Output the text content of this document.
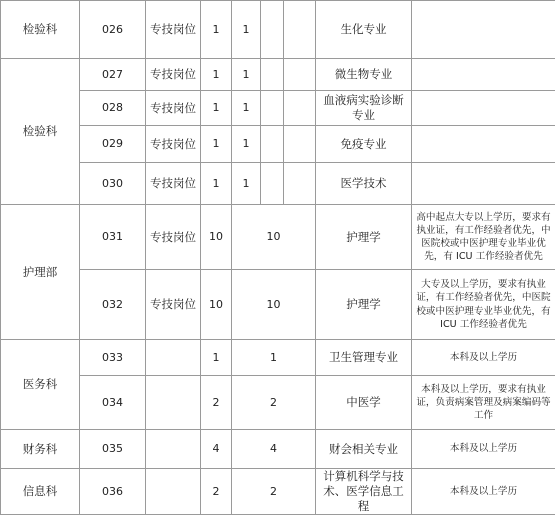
检验科	026	专技岗位	1	1			生化专业	
检验科	027	专技岗位	1	1			微生物专业	
	028	专技岗位	1	1			血液病实验诊断专业	
	029	专技岗位	1	1			免疫专业	
	030	专技岗位	1	1			医学技术	
护理部	031	专技岗位	10	10			护理学	高中起点大专以上学历，要求有执业证，有工作经验者优先，中医院校或中医护理专业毕业优先，有 ICU 工作经验者优先
	032	专技岗位	10	10			护理学	大专及以上学历，要求有执业证，有工作经验者优先，中医院校或中医护理专业毕业优先，有 ICU 工作经验者优先
医务科	033		1	1			卫生管理专业	本科及以上学历
	034		2	2			中医学	本科及以上学历，要求有执业证，负责病案管理及病案编码等工作
财务科	035		4	4			财会相关专业	本科及以上学历
信息科	036		2	2			计算机科学与技术、医学信息工程	本科及以上学历
